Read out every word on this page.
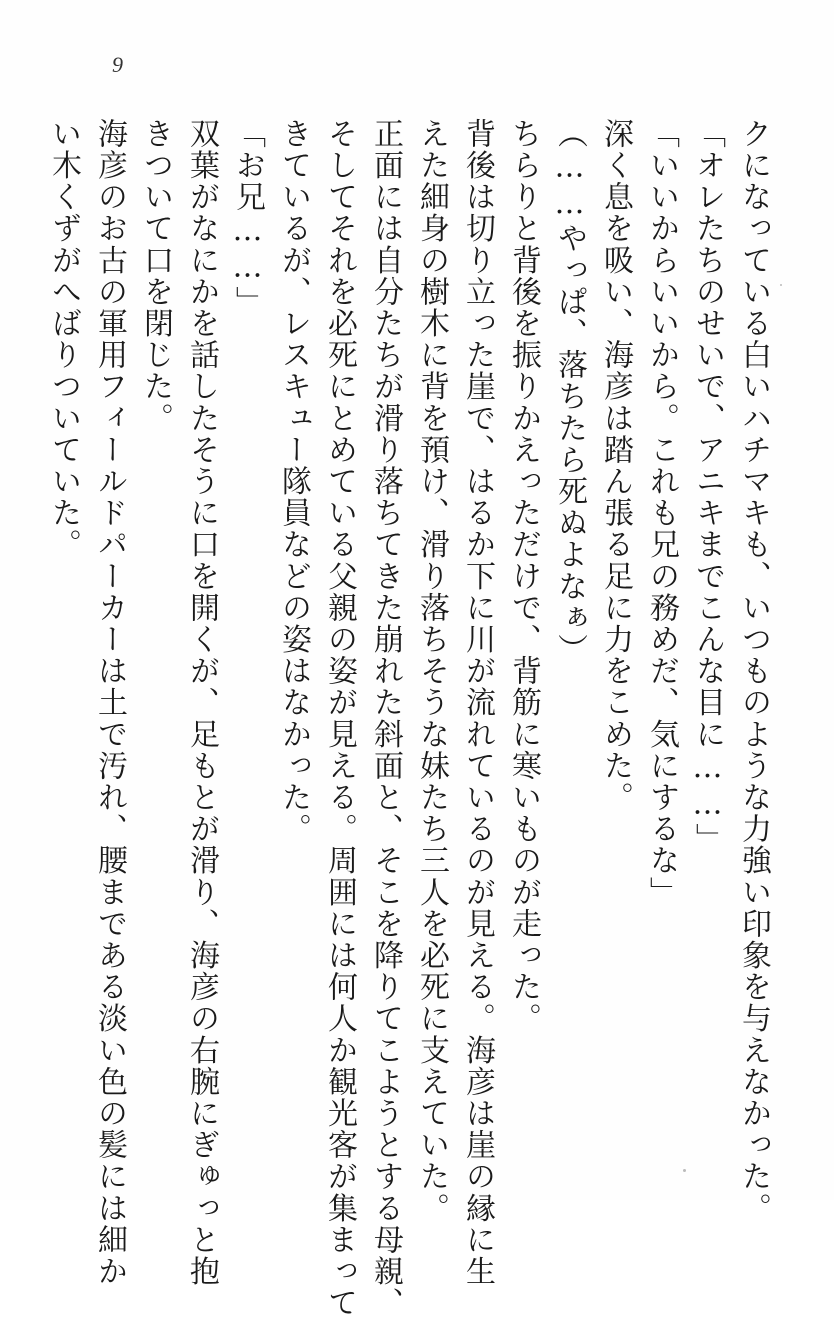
9
クになっている白いハチマキも、いつものような力強い印象を与えなかった。
「オレたちのせいで、アニキまでこんな目に……」
「いいからいいから。これも兄の務めだ、気にするな」
深く息を吸い、海彦は踏ん張る足に力をこめた。
（……やっぱ、落ちたら死ぬよなぁ）
ちらりと背後を振りかえっただけで、背筋に寒いものが走った。
背後は切り立った崖で、はるか下に川が流れているのが見える。海彦は崖の縁に生
えた細身の樹木に背を預け、滑り落ちそうな妹たち三人を必死に支えていた。
正面には自分たちが滑り落ちてきた崩れた斜面と、そこを降りてこようとする母親、
そしてそれを必死にとめている父親の姿が見える。周囲には何人か観光客が集まって
きているが、レスキュー隊員などの姿はなかった。
「お兄……」
双葉がなにかを話したそうに口を開くが、足もとが滑り、海彦の右腕にぎゅっと抱
きついて口を閉じた。
海彦のお古の軍用フィールドパーカーは土で汚れ、腰まである淡い色の髪には細か
い木くずがへばりついていた。
